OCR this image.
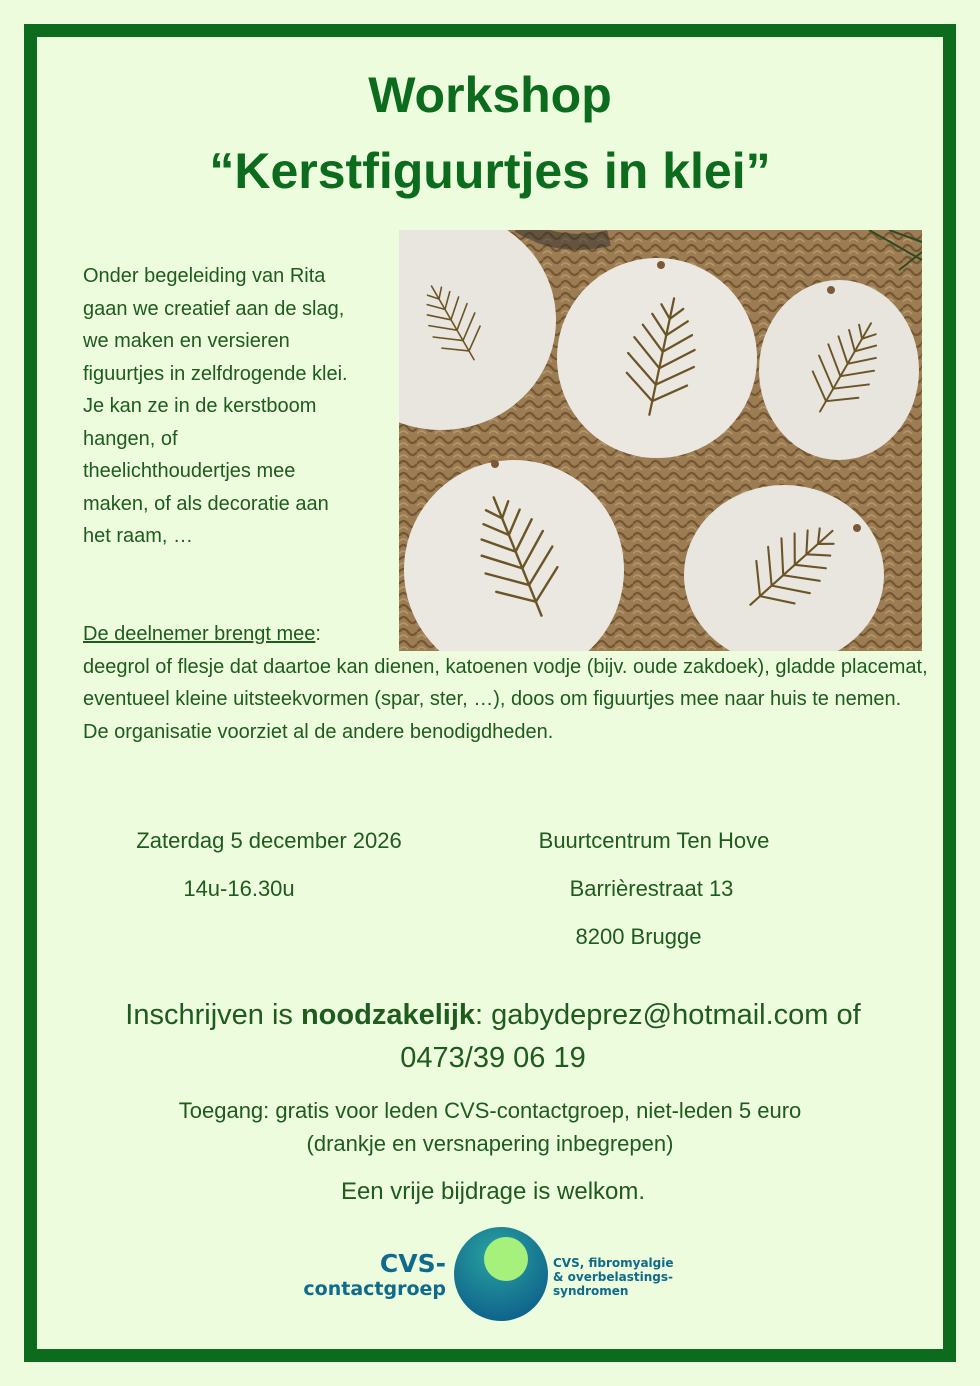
Workshop
“Kerstfiguurtjes in klei”

Onder begeleiding van Rita
gaan we creatief aan de slag,
we maken en versieren
figuurtjes in zelfdrogende klei.
Je kan ze in de kerstboom
hangen, of
theelichthoudertjes mee
maken, of als decoratie aan
het raam, …

De deelnemer brengt mee:

deegrol of flesje dat daartoe kan dienen, katoenen vodje (bijv. oude zakdoek), gladde placemat, eventueel kleine uitsteekvormen (spar, ster, …), doos om figuurtjes mee naar huis te nemen.

De organisatie voorziet al de andere benodigdheden.

Zaterdag 5 december 2026

14u-16.30u

Buurtcentrum Ten Hove

Barrièrestraat 13

8200 Brugge

Inschrijven is noodzakelijk: gabydeprez@hotmail.com of
0473/39 06 19

Toegang: gratis voor leden CVS-contactgroep, niet-leden 5 euro
(drankje en versnapering inbegrepen)

Een vrije bijdrage is welkom.

CVS-
contactgroep

CVS, fibromyalgie
& overbelastings-
syndromen
